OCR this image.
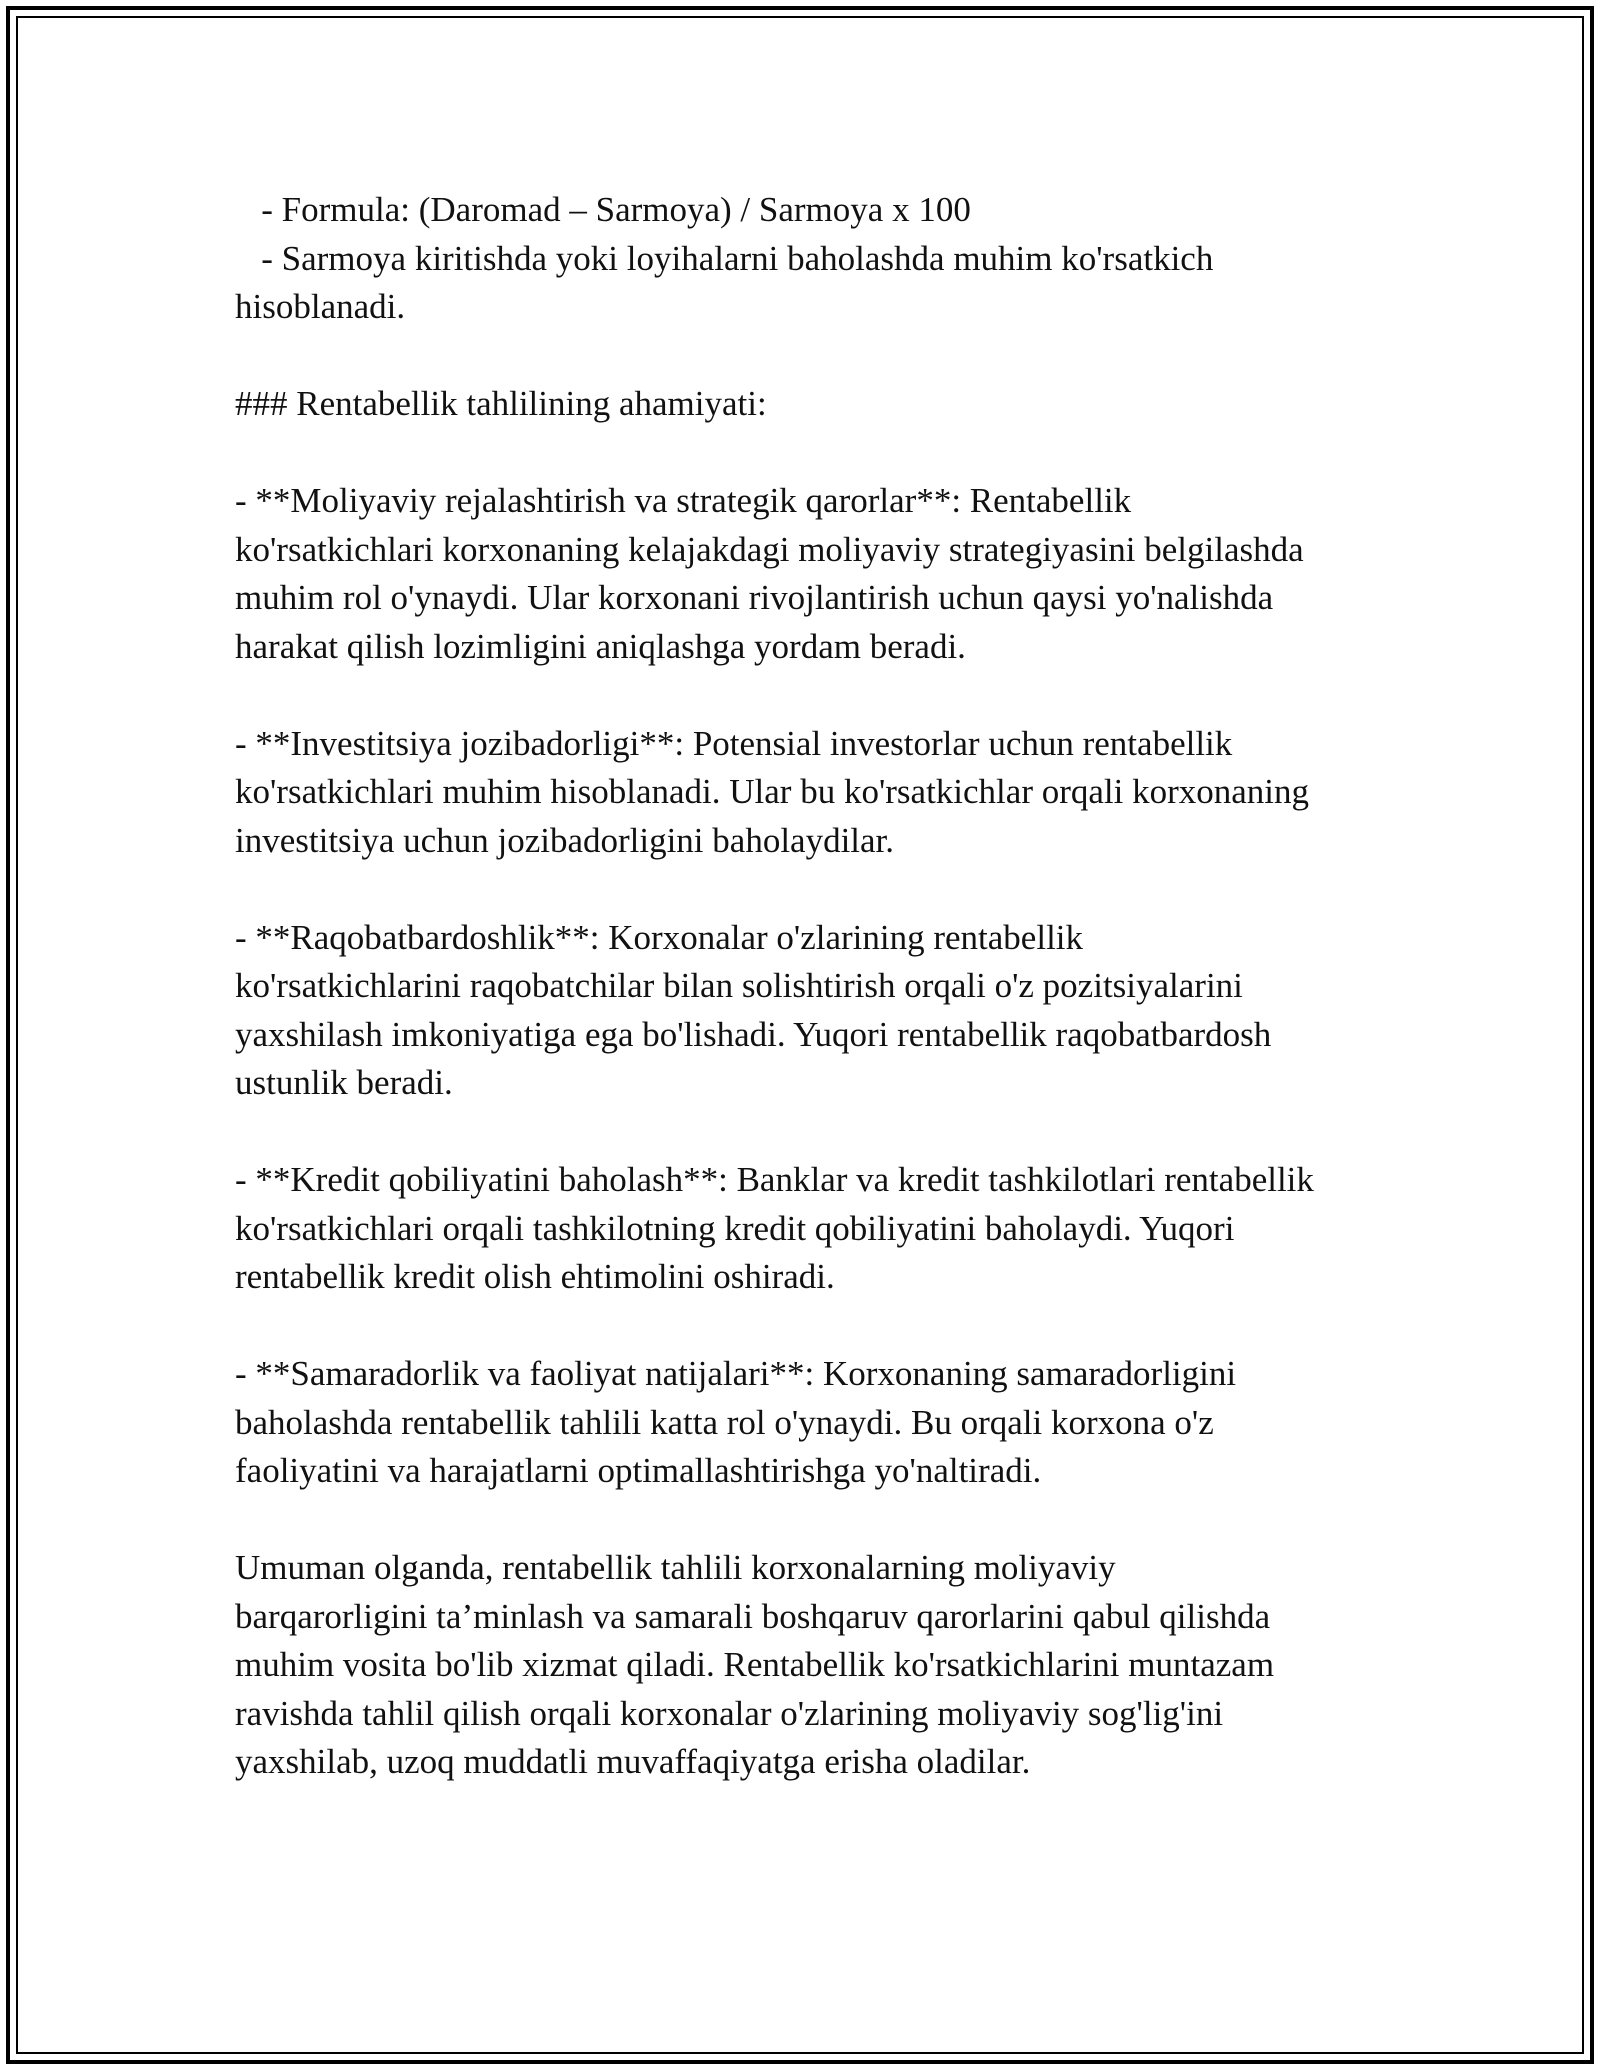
- Formula: (Daromad – Sarmoya) / Sarmoya x 100
- Sarmoya kiritishda yoki loyihalarni baholashda muhim ko'rsatkich
hisoblanadi.
### Rentabellik tahlilining ahamiyati:
- **Moliyaviy rejalashtirish va strategik qarorlar**: Rentabellik
ko'rsatkichlari korxonaning kelajakdagi moliyaviy strategiyasini belgilashda
muhim rol o'ynaydi. Ular korxonani rivojlantirish uchun qaysi yo'nalishda
harakat qilish lozimligini aniqlashga yordam beradi.
- **Investitsiya jozibadorligi**: Potensial investorlar uchun rentabellik
ko'rsatkichlari muhim hisoblanadi. Ular bu ko'rsatkichlar orqali korxonaning
investitsiya uchun jozibadorligini baholaydilar.
- **Raqobatbardoshlik**: Korxonalar o'zlarining rentabellik
ko'rsatkichlarini raqobatchilar bilan solishtirish orqali o'z pozitsiyalarini
yaxshilash imkoniyatiga ega bo'lishadi. Yuqori rentabellik raqobatbardosh
ustunlik beradi.
- **Kredit qobiliyatini baholash**: Banklar va kredit tashkilotlari rentabellik
ko'rsatkichlari orqali tashkilotning kredit qobiliyatini baholaydi. Yuqori
rentabellik kredit olish ehtimolini oshiradi.
- **Samaradorlik va faoliyat natijalari**: Korxonaning samaradorligini
baholashda rentabellik tahlili katta rol o'ynaydi. Bu orqali korxona o'z
faoliyatini va harajatlarni optimallashtirishga yo'naltiradi.
Umuman olganda, rentabellik tahlili korxonalarning moliyaviy
barqarorligini ta’minlash va samarali boshqaruv qarorlarini qabul qilishda
muhim vosita bo'lib xizmat qiladi. Rentabellik ko'rsatkichlarini muntazam
ravishda tahlil qilish orqali korxonalar o'zlarining moliyaviy sog'lig'ini
yaxshilab, uzoq muddatli muvaffaqiyatga erisha oladilar.
